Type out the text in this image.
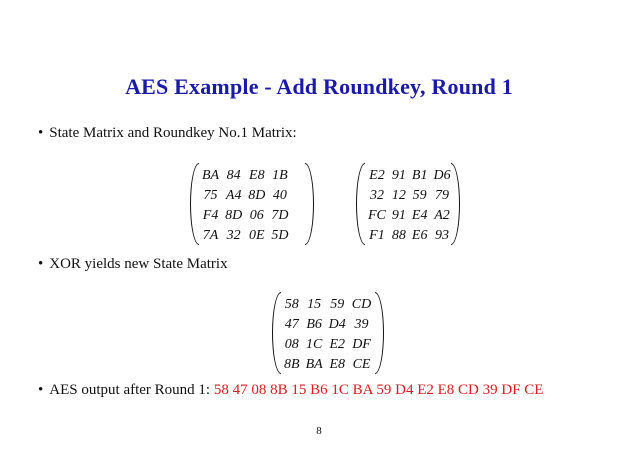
AES Example - Add Roundkey, Round 1
• State Matrix and Roundkey No.1 Matrix:
BA	84	E8	1B
75	A4	8D	40
F4	8D	06	7D
7A	32	0E	5D
E2	91	B1	D6
32	12	59	79
FC	91	E4	A2
F1	88	E6	93
• XOR yields new State Matrix
58	15	59	CD
47	B6	D4	39
08	1C	E2	DF
8B	BA	E8	CE
• AES output after Round 1: 58 47 08 8B 15 B6 1C BA 59 D4 E2 E8 CD 39 DF CE
8
